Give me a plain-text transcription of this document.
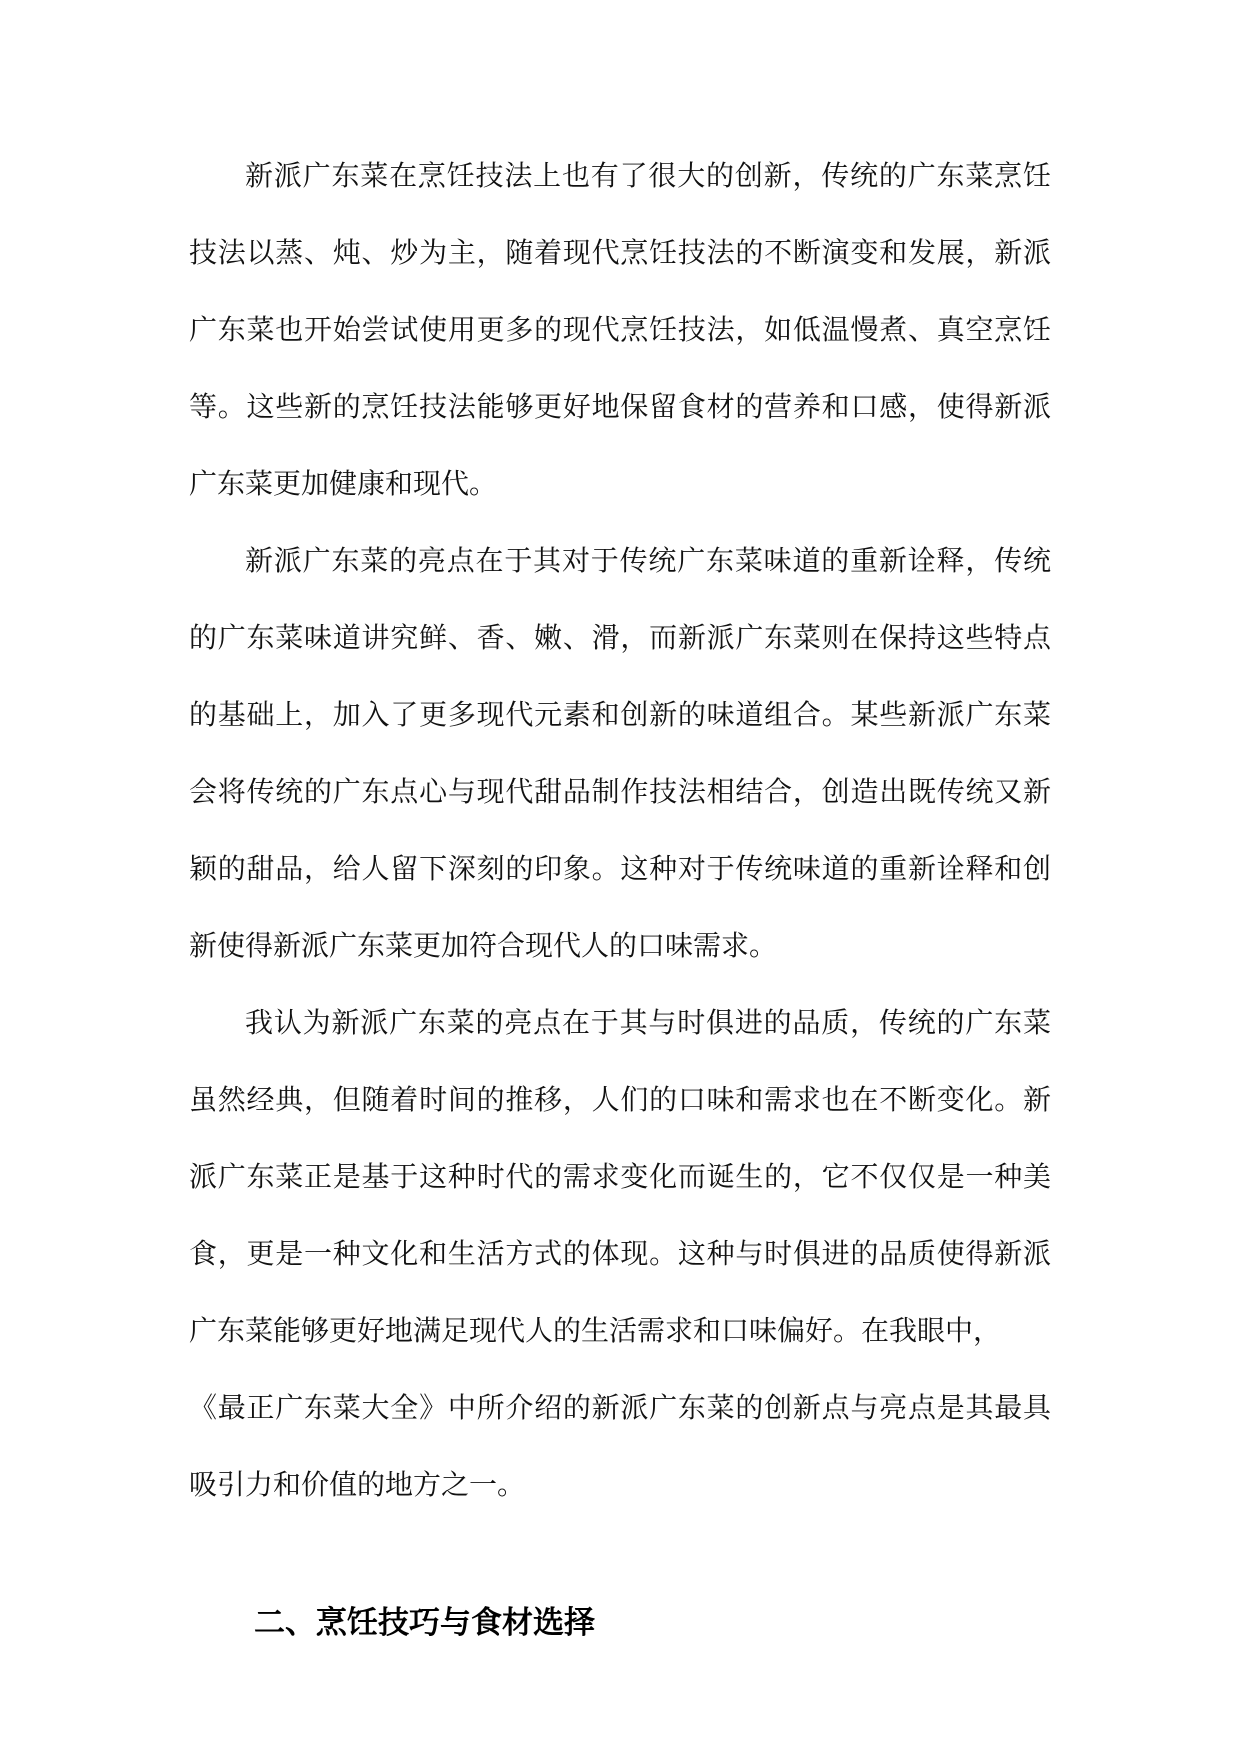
新派广东菜在烹饪技法上也有了很大的创新，传统的广东菜烹饪技法以蒸、炖、炒为主，随着现代烹饪技法的不断演变和发展，新派广东菜也开始尝试使用更多的现代烹饪技法，如低温慢煮、真空烹饪等。这些新的烹饪技法能够更好地保留食材的营养和口感，使得新派广东菜更加健康和现代。

新派广东菜的亮点在于其对于传统广东菜味道的重新诠释，传统的广东菜味道讲究鲜、香、嫩、滑，而新派广东菜则在保持这些特点的基础上，加入了更多现代元素和创新的味道组合。某些新派广东菜会将传统的广东点心与现代甜品制作技法相结合，创造出既传统又新颖的甜品，给人留下深刻的印象。这种对于传统味道的重新诠释和创新使得新派广东菜更加符合现代人的口味需求。

我认为新派广东菜的亮点在于其与时俱进的品质，传统的广东菜虽然经典，但随着时间的推移，人们的口味和需求也在不断变化。新派广东菜正是基于这种时代的需求变化而诞生的，它不仅仅是一种美食，更是一种文化和生活方式的体现。这种与时俱进的品质使得新派广东菜能够更好地满足现代人的生活需求和口味偏好。在我眼中，
《最正广东菜大全》中所介绍的新派广东菜的创新点与亮点是其最具吸引力和价值的地方之一。

二、烹饪技巧与食材选择
